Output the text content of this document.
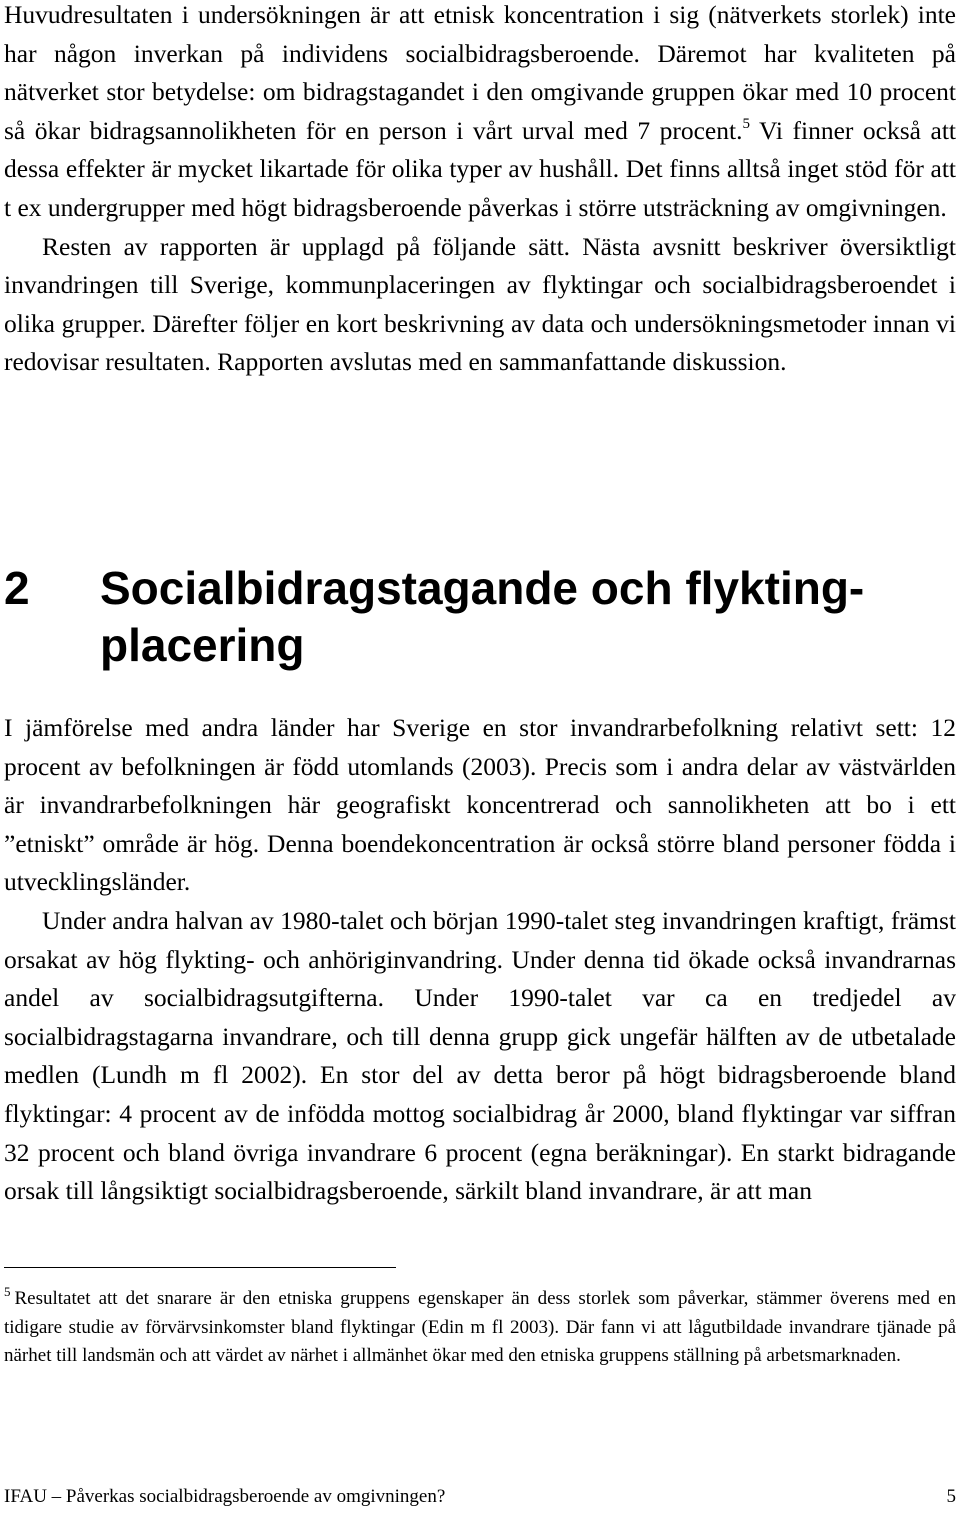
Huvudresultaten i undersökningen är att etnisk koncentration i sig (nätverkets storlek) inte har någon inverkan på individens socialbidragsberoende. Däremot har kvaliteten på nätverket stor betydelse: om bidragstagandet i den omgivande gruppen ökar med 10 procent så ökar bidragsannolikheten för en person i vårt urval med 7 procent.$^5$ Vi finner också att dessa effekter är mycket likartade för olika typer av hushåll. Det finns alltså inget stöd för att t ex undergrupper med högt bidragsberoende påverkas i större utsträckning av omgivningen.

Resten av rapporten är upplagd på följande sätt. Nästa avsnitt beskriver översiktligt invandringen till Sverige, kommunplaceringen av flyktingar och socialbidragsberoendet i olika grupper. Därefter följer en kort beskrivning av data och undersökningsmetoder innan vi redovisar resultaten. Rapporten avslutas med en sammanfattande diskussion.

2	Socialbidragstagande och flyktingplacering

I jämförelse med andra länder har Sverige en stor invandrarbefolkning relativt sett: 12 procent av befolkningen är född utomlands (2003). Precis som i andra delar av västvärlden är invandrarbefolkningen här geografiskt koncentrerad och sannolikheten att bo i ett ”etniskt” område är hög. Denna boendekoncentration är också större bland personer födda i utvecklingsländer.

Under andra halvan av 1980-talet och början 1990-talet steg invandringen kraftigt, främst orsakat av hög flykting- och anhöriginvandring. Under denna tid ökade också invandrarnas andel av socialbidragsutgifterna. Under 1990-talet var ca en tredjedel av socialbidragstagarna invandrare, och till denna grupp gick ungefär hälften av de utbetalade medlen (Lundh m fl 2002). En stor del av detta beror på högt bidragsberoende bland flyktingar: 4 procent av de infödda mottog socialbidrag år 2000, bland flyktingar var siffran 32 procent och bland övriga invandrare 6 procent (egna beräkningar). En starkt bidragande orsak till långsiktigt socialbidragsberoende, särkilt bland invandrare, är att man

$^5$ Resultatet att det snarare är den etniska gruppens egenskaper än dess storlek som påverkar, stämmer överens med en tidigare studie av förvärvsinkomster bland flyktingar (Edin m fl 2003). Där fann vi att lågutbildade invandrare tjänade på närhet till landsmän och att värdet av närhet i allmänhet ökar med den etniska gruppens ställning på arbetsmarknaden.
IFAU – Påverkas socialbidragsberoende av omgivningen?	5
